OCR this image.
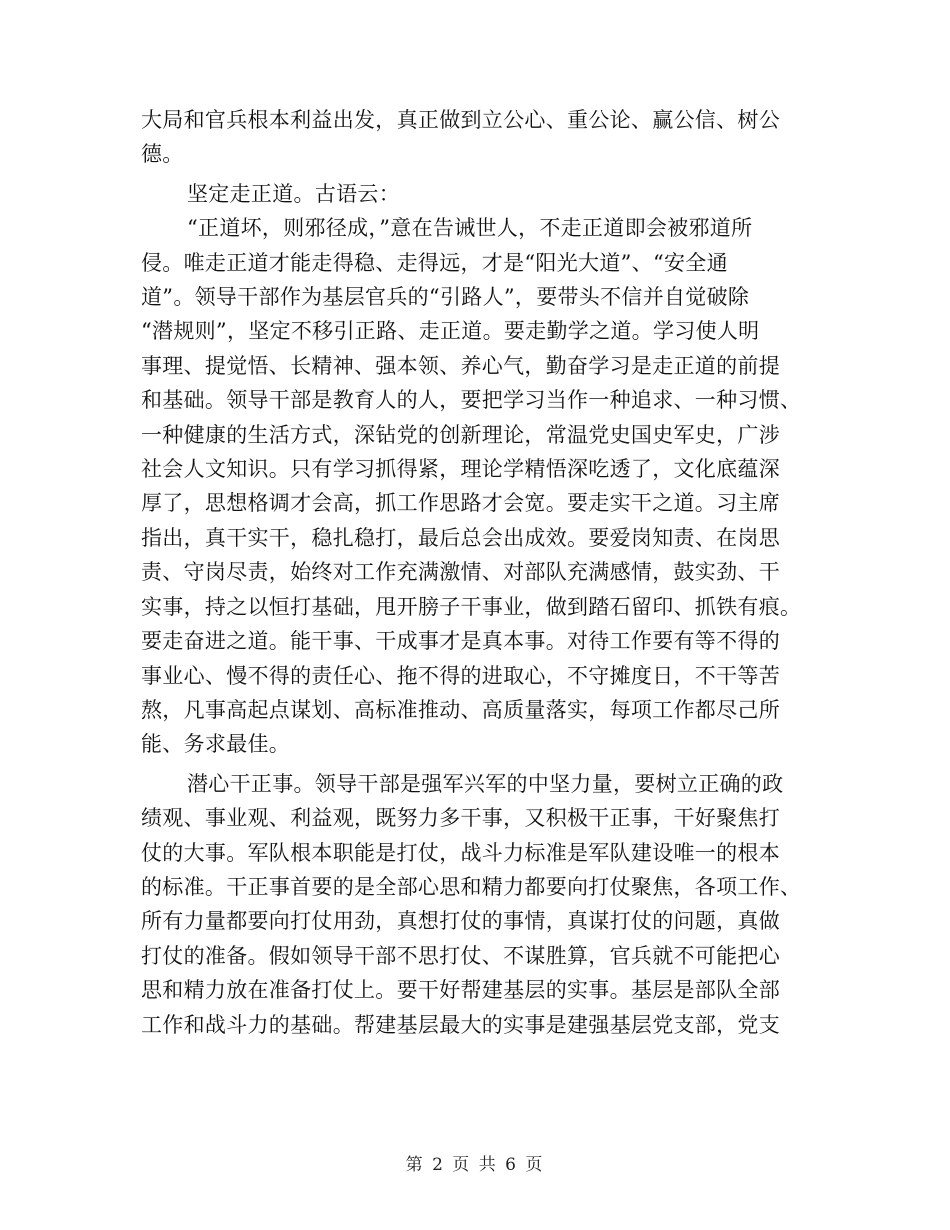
大局和官兵根本利益出发，真正做到立公心、重公论、赢公信、树公
德。
坚定走正道。古语云：
“正道坏，则邪径成，”意在告诫世人，不走正道即会被邪道所
侵。唯走正道才能走得稳、走得远，才是“阳光大道”、“安全通
道”。领导干部作为基层官兵的“引路人”，要带头不信并自觉破除
“潜规则”，坚定不移引正路、走正道。要走勤学之道。学习使人明
事理、提觉悟、长精神、强本领、养心气，勤奋学习是走正道的前提
和基础。领导干部是教育人的人，要把学习当作一种追求、一种习惯、
一种健康的生活方式，深钻党的创新理论，常温党史国史军史，广涉
社会人文知识。只有学习抓得紧，理论学精悟深吃透了，文化底蕴深
厚了，思想格调才会高，抓工作思路才会宽。要走实干之道。习主席
指出，真干实干，稳扎稳打，最后总会出成效。要爱岗知责、在岗思
责、守岗尽责，始终对工作充满激情、对部队充满感情，鼓实劲、干
实事，持之以恒打基础，甩开膀子干事业，做到踏石留印、抓铁有痕。
要走奋进之道。能干事、干成事才是真本事。对待工作要有等不得的
事业心、慢不得的责任心、拖不得的进取心，不守摊度日，不干等苦
熬，凡事高起点谋划、高标准推动、高质量落实，每项工作都尽己所
能、务求最佳。
潜心干正事。领导干部是强军兴军的中坚力量，要树立正确的政
绩观、事业观、利益观，既努力多干事，又积极干正事，干好聚焦打
仗的大事。军队根本职能是打仗，战斗力标准是军队建设唯一的根本
的标准。干正事首要的是全部心思和精力都要向打仗聚焦，各项工作、
所有力量都要向打仗用劲，真想打仗的事情，真谋打仗的问题，真做
打仗的准备。假如领导干部不思打仗、不谋胜算，官兵就不可能把心
思和精力放在准备打仗上。要干好帮建基层的实事。基层是部队全部
工作和战斗力的基础。帮建基层最大的实事是建强基层党支部，党支
第 2 页 共 6 页
